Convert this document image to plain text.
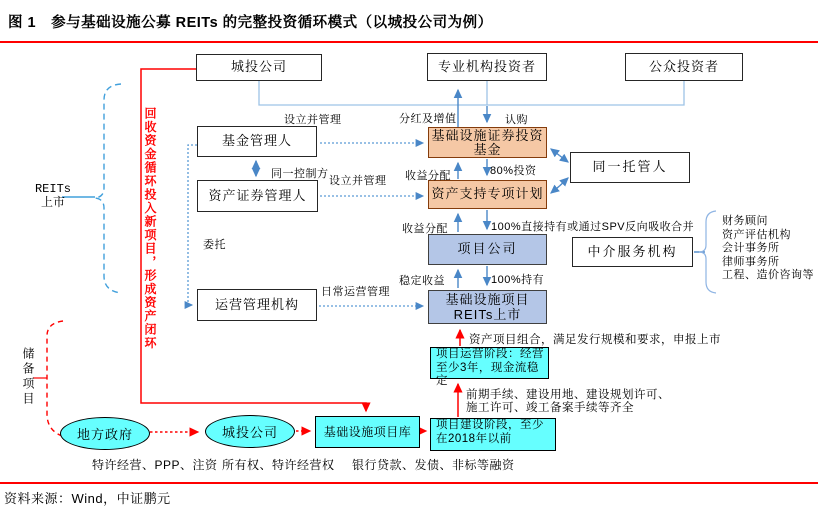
图 1　参与基础设施公募 REITs 的完整投资循环模式（以城投公司为例）
城投公司	专业机构投资者	公众投资者
基金管理人
资产证券管理人
运营管理机构
同一托管人
中介服务机构
基础设施证券投资
基金
资产支持专项计划
项目公司
基础设施项目
REITs上市
项目运营阶段：经营
至少3年，现金流稳定
项目建设阶段，至少
在2018年以前
基础设施项目库
地方政府	城投公司
设立并管理	分红及增值	认购
同一控制方
设立并管理 收益分配	80%投资
收益分配	100%直接持有或通过SPV反向吸收合并
委托
稳定收益	100%持有
日常运营管理
资产项目组合，满足发行规模和要求，申报上市
前期手续、建设用地、建设规划许可、
施工许可、竣工备案手续等齐全
特许经营、PPP、注资 所有权、特许经营权 银行贷款、发债、非标等融资
REITs
上市	回收资金循环投入新项目，形成资产闭环
储备项目
财务顾问
资产评估机构
会计事务所
律师事务所
工程、造价咨询等
资料来源：Wind，中证鹏元
